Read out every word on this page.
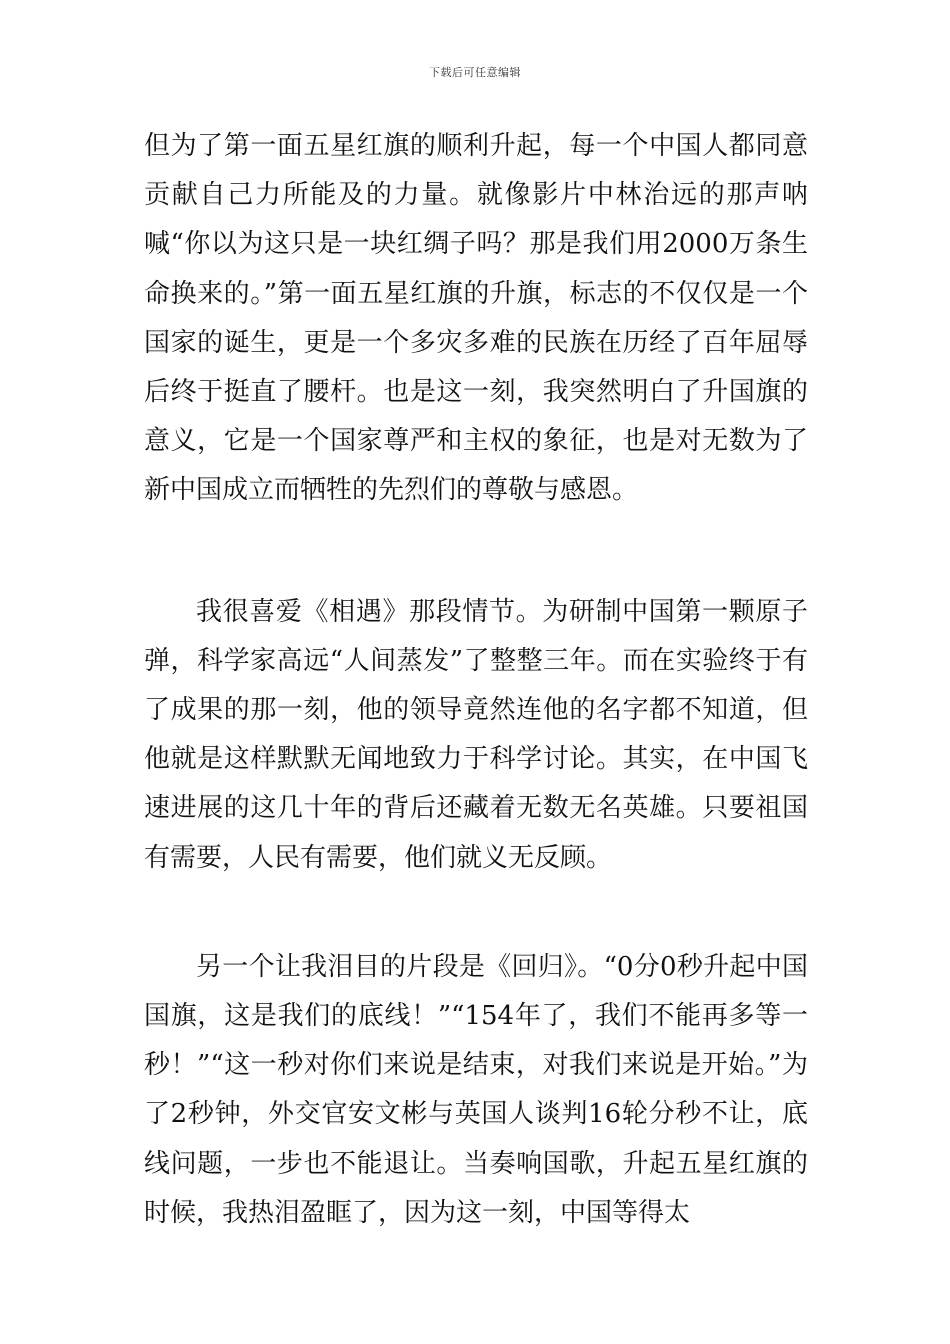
下载后可任意编辑

但为了第一面五星红旗的顺利升起，每一个中国人都同意贡献自己力所能及的力量。就像影片中林治远的那声呐喊“你以为这只是一块红绸子吗？那是我们用2000万条生命换来的。”第一面五星红旗的升旗，标志的不仅仅是一个国家的诞生，更是一个多灾多难的民族在历经了百年屈辱后终于挺直了腰杆。也是这一刻，我突然明白了升国旗的意义，它是一个国家尊严和主权的象征，也是对无数为了新中国成立而牺牲的先烈们的尊敬与感恩。

我很喜爱《相遇》那段情节。为研制中国第一颗原子弹，科学家高远“人间蒸发”了整整三年。而在实验终于有了成果的那一刻，他的领导竟然连他的名字都不知道，但他就是这样默默无闻地致力于科学讨论。其实，在中国飞速进展的这几十年的背后还藏着无数无名英雄。只要祖国有需要，人民有需要，他们就义无反顾。

另一个让我泪目的片段是《回归》。“0分0秒升起中国国旗，这是我们的底线！”“154年了，我们不能再多等一秒！”“这一秒对你们来说是结束，对我们来说是开始。”为了2秒钟，外交官安文彬与英国人谈判16轮分秒不让，底线问题，一步也不能退让。当奏响国歌，升起五星红旗的时候，我热泪盈眶了，因为这一刻，中国等得太
